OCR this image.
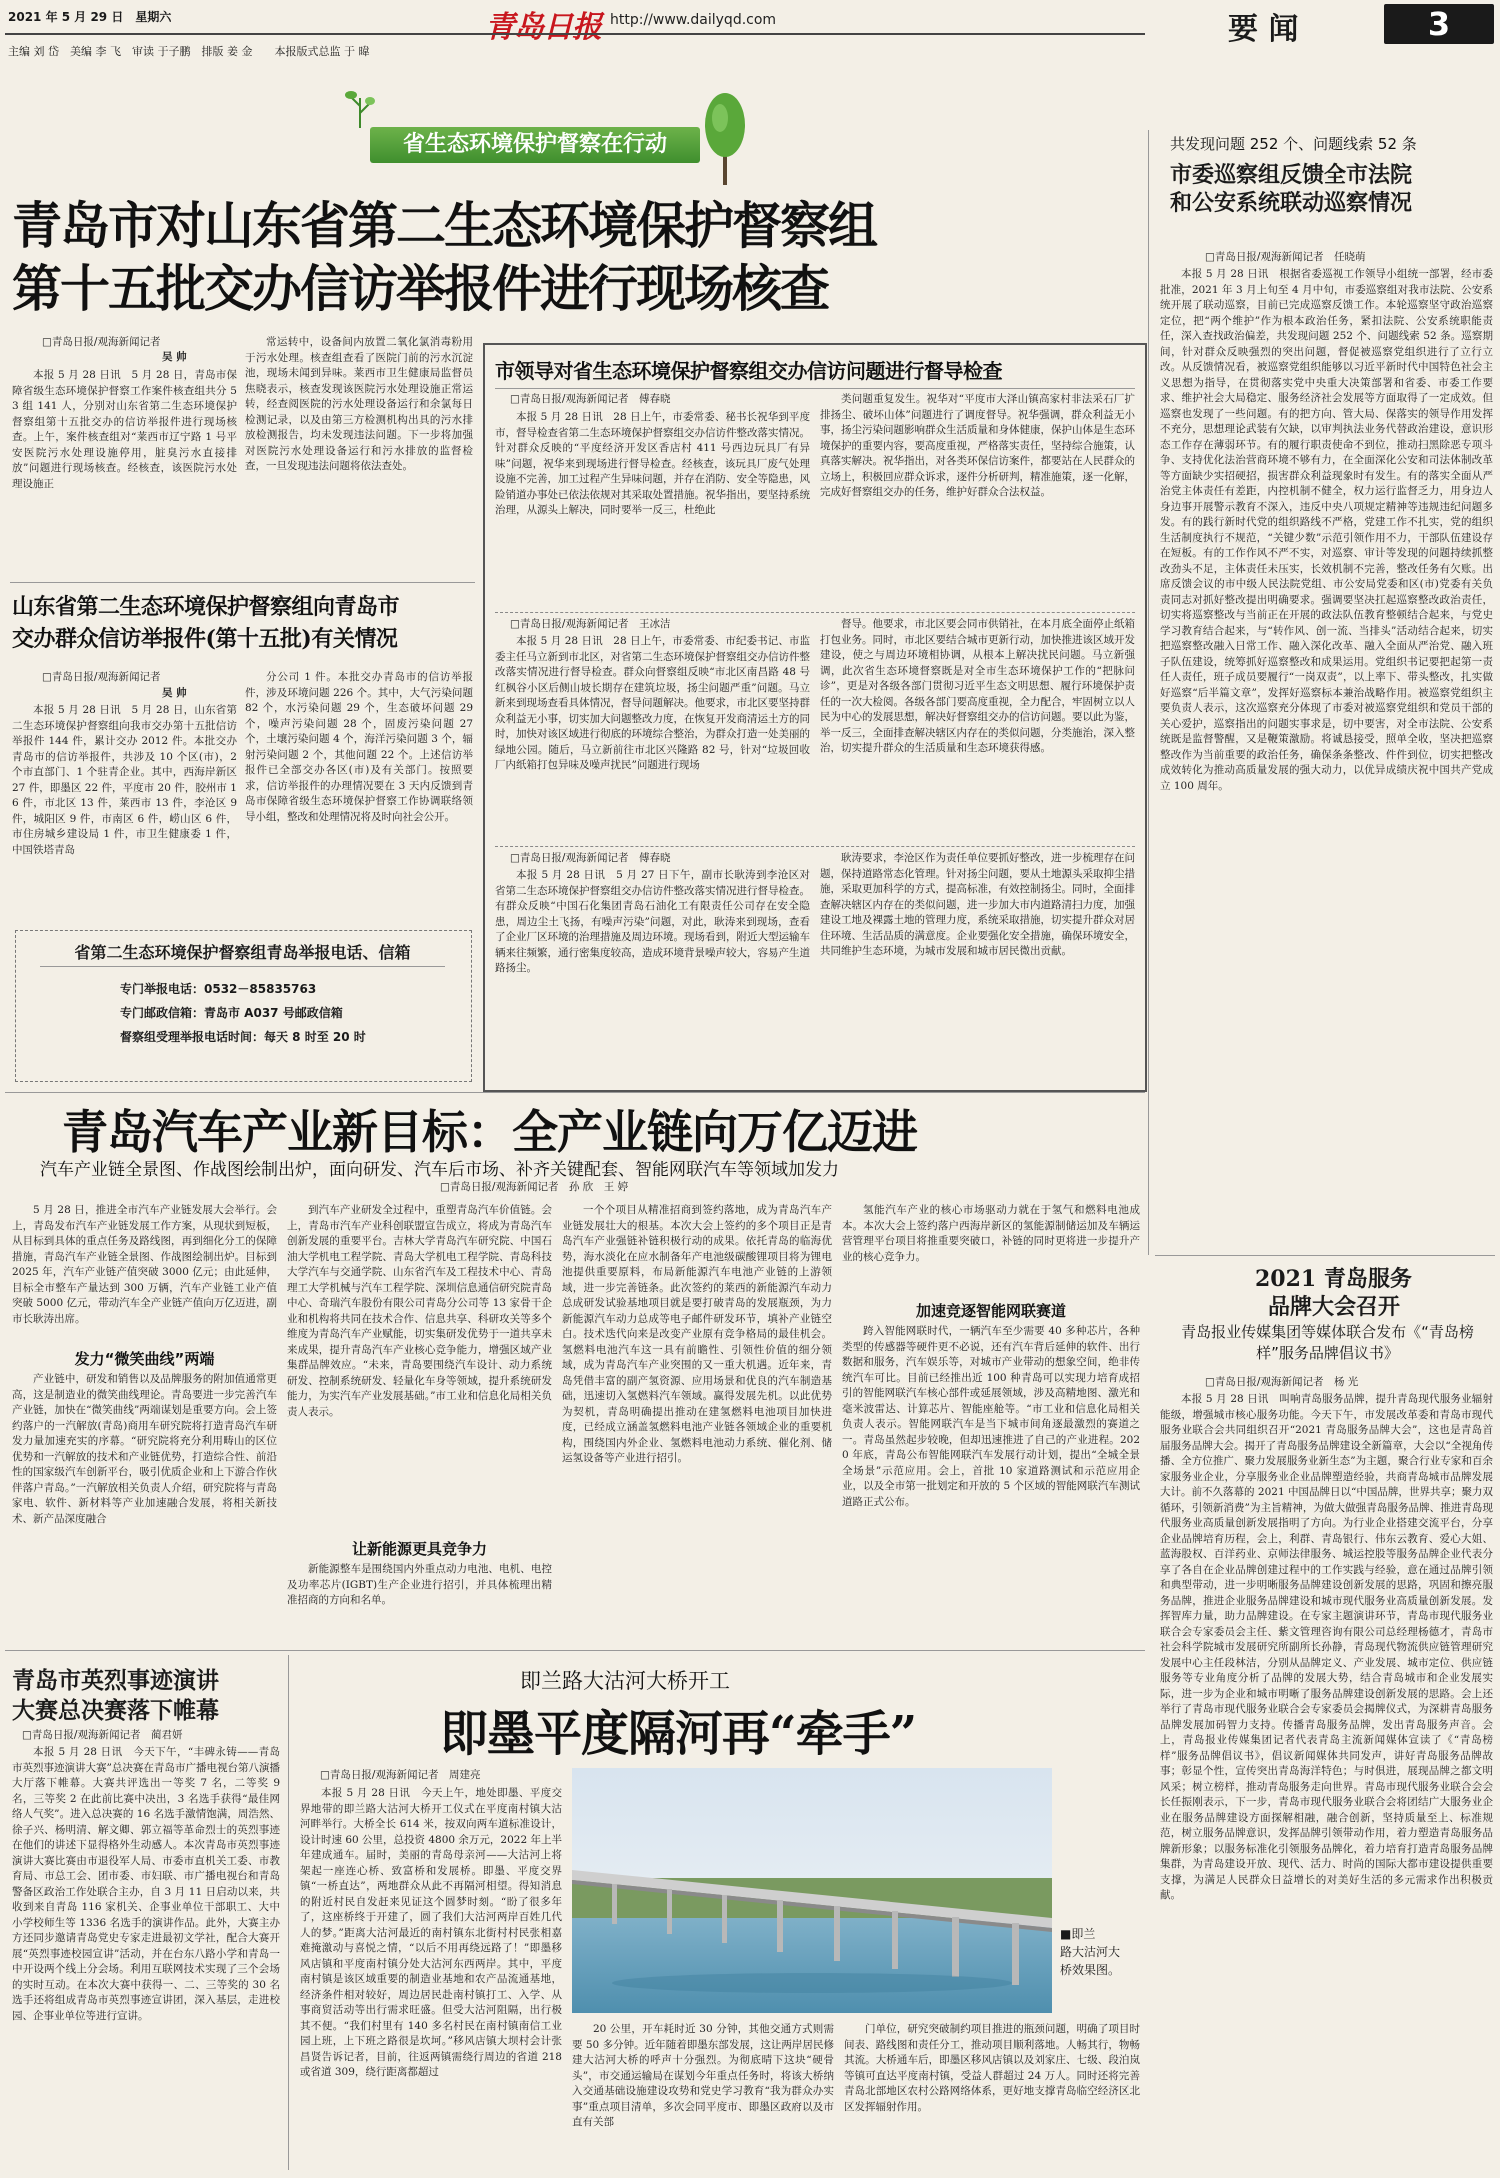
2021 年 5 月 29 日　星期六	青岛日报 http://www.dailyqd.com	要 闻	3
主编 刘 岱　美编 李 飞　审读 于子鹏　排版 姜 金　　本报版式总监 于 暐
省生态环境保护督察在行动
青岛市对山东省第二生态环境保护督察组
第十五批交办信访举报件进行现场核查
□青岛日报/观海新闻记者
吴 帅

本报 5 月 28 日讯　5 月 28 日，青岛市保障省级生态环境保护督察工作案件核查组共分 53 组 141 人，分别对山东省第二生态环境保护督察组第十五批交办的信访举报件进行现场核查。上午，案件核查组对“莱西市辽宁路 1 号平安医院污水处理设施停用，脏臭污水直接排放”问题进行现场核查。经核查，该医院污水处理设施正

常运转中，设备间内放置二氧化氯消毒粉用于污水处理。核查组查看了医院门前的污水沉淀池，现场未闻到异味。莱西市卫生健康局监督员焦晓表示，核查发现该医院污水处理设施正常运转，经查阅医院的污水处理设备运行和余氯每日检测记录，以及由第三方检测机构出具的污水排放检测报告，均未发现违法问题。下一步将加强对医院污水处理设备运行和污水排放的监督检查，一旦发现违法问题将依法查处。

市领导对省生态环境保护督察组交办信访问题进行督导检查
□青岛日报/观海新闻记者　傅春晓

本报 5 月 28 日讯　28 日上午，市委常委、秘书长祝华到平度市，督导检查省第二生态环境保护督察组交办信访件整改落实情况。针对群众反映的“平度经济开发区香店村 411 号西边玩具厂有异味”问题，祝华来到现场进行督导检查。经核查，该玩具厂废气处理设施不完善，加工过程产生异味问题，并存在消防、安全等隐患，风险销道办事处已依法依规对其采取处置措施。祝华指出，要坚持系统治理，从源头上解决，同时要举一反三，杜绝此

类问题重复发生。祝华对“平度市大泽山镇高家村非法采石厂扩排扬尘、破坏山体”问题进行了调度督导。祝华强调，群众利益无小事，扬尘污染问题影响群众生活质量和身体健康，保护山体是生态环境保护的重要内容，要高度重视，严格落实责任，坚持综合施策，认真落实解决。祝华指出，对各类环保信访案件，都要站在人民群众的立场上，积极回应群众诉求，逐件分析研判，精准施策，逐一化解，完成好督察组交办的任务，维护好群众合法权益。

□青岛日报/观海新闻记者　王冰洁

本报 5 月 28 日讯　28 日上午，市委常委、市纪委书记、市监委主任马立新到市北区，对省第二生态环境保护督察组交办信访件整改落实情况进行督导检查。群众向督察组反映“市北区南昌路 48 号红枫谷小区后侧山坡长期存在建筑垃圾，扬尘问题严重”问题。马立新来到现场查看具体情况，督导问题解决。他要求，市北区要坚持群众利益无小事，切实加大问题整改力度，在恢复开发商清运土方的同时，加快对该区域进行彻底的环境综合整治，为群众打造一处美丽的绿地公园。随后，马立新前往市北区兴隆路 82 号，针对“垃圾回收厂内纸箱打包异味及噪声扰民”问题进行现场

督导。他要求，市北区要会同市供销社，在本月底全面停止纸箱打包业务。同时，市北区要结合城市更新行动，加快推进该区域开发建设，使之与周边环境相协调，从根本上解决扰民问题。马立新强调，此次省生态环境督察既是对全市生态环境保护工作的“把脉问诊”，更是对各级各部门贯彻习近平生态文明思想、履行环境保护责任的一次大检阅。各级各部门要高度重视，全力配合，牢固树立以人民为中心的发展思想，解决好督察组交办的信访问题。要以此为鉴，举一反三，全面排查解决辖区内存在的类似问题，分类施治，深入整治，切实提升群众的生活质量和生态环境获得感。

□青岛日报/观海新闻记者　傅春晓

本报 5 月 28 日讯　5 月 27 日下午，副市长耿涛到李沧区对省第二生态环境保护督察组交办信访件整改落实情况进行督导检查。有群众反映“中国石化集团青岛石油化工有限责任公司存在安全隐患，周边尘土飞扬，有噪声污染”问题，对此，耿涛来到现场，查看了企业厂区环境的治理措施及周边环境。现场看到，附近大型运输车辆来往频繁，通行密集度较高，造成环境背景噪声较大，容易产生道路扬尘。

耿涛要求，李沧区作为责任单位要抓好整改，进一步梳理存在问题，保持道路常态化管理。针对扬尘问题，要从土地源头采取抑尘措施，采取更加科学的方式，提高标准，有效控制扬尘。同时，全面排查解决辖区内存在的类似问题，进一步加大市内道路清扫力度，加强建设工地及裸露土地的管理力度，系统采取措施，切实提升群众对居住环境、生活品质的满意度。企业要强化安全措施，确保环境安全，共同维护生态环境，为城市发展和城市居民微出贡献。

山东省第二生态环境保护督察组向青岛市
交办群众信访举报件(第十五批)有关情况
□青岛日报/观海新闻记者
吴 帅

本报 5 月 28 日讯　5 月 28 日，山东省第二生态环境保护督察组向我市交办第十五批信访举报件 144 件，累计交办 2012 件。本批交办青岛市的信访举报件，共涉及 10 个区(市)，2 个市直部门、1 个驻青企业。其中，西海岸新区 27 件，即墨区 22 件，平度市 20 件，胶州市 16 件，市北区 13 件，莱西市 13 件，李沧区 9 件，城阳区 9 件，市南区 6 件，崂山区 6 件，市住房城乡建设局 1 件，市卫生健康委 1 件，中国铁塔青岛

分公司 1 件。本批交办青岛市的信访举报件，涉及环境问题 226 个。其中，大气污染问题 82 个，水污染问题 29 个，生态破坏问题 29 个，噪声污染问题 28 个，固废污染问题 27 个，土壤污染问题 4 个，海洋污染问题 3 个，辐射污染问题 2 个，其他问题 22 个。上述信访举报件已全部交办各区(市)及有关部门。按照要求，信访举报件的办理情况要在 3 天内反馈到青岛市保障省级生态环境保护督察工作协调联络领导小组，整改和处理情况将及时向社会公开。

省第二生态环境保护督察组青岛举报电话、信箱
专门举报电话：0532－85835763
专门邮政信箱：青岛市 A037 号邮政信箱
督察组受理举报电话时间：每天 8 时至 20 时
共发现问题 252 个、问题线索 52 条
市委巡察组反馈全市法院
和公安系统联动巡察情况
□青岛日报/观海新闻记者　任晓萌

本报 5 月 28 日讯　根据省委巡视工作领导小组统一部署，经市委批准，2021 年 3 月上旬至 4 月中旬，市委巡察组对我市法院、公安系统开展了联动巡察，目前已完成巡察反馈工作。本轮巡察坚守政治巡察定位，把“两个维护”作为根本政治任务，紧扣法院、公安系统职能责任，深入查找政治偏差，共发现问题 252 个、问题线索 52 条。巡察期间，针对群众反映强烈的突出问题，督促被巡察党组织进行了立行立改。从反馈情况看，被巡察党组织能够以习近平新时代中国特色社会主义思想为指导，在贯彻落实党中央重大决策部署和省委、市委工作要求、维护社会大局稳定、服务经济社会发展等方面取得了一定成效。但巡察也发现了一些问题。有的把方向、管大局、保落实的领导作用发挥不充分，思想理论武装有欠缺，以审判执法业务代替政治建设，意识形态工作存在薄弱环节。有的履行职责使命不到位，推动扫黑除恶专项斗争、支持优化法治营商环境不够有力，在全面深化公安和司法体制改革等方面缺少实招硬招，损害群众利益现象时有发生。有的落实全面从严治党主体责任有差距，内控机制不健全，权力运行监督乏力，用身边人身边事开展警示教育不深入，违反中央八项规定精神等违规违纪问题多发。有的践行新时代党的组织路线不严格，党建工作不扎实，党的组织生活制度执行不规范，“关键少数”示范引领作用不力，干部队伍建设存在短板。有的工作作风不严不实，对巡察、审计等发现的问题持续抓整改劲头不足，主体责任未压实，长效机制不完善，整改任务有欠账。出席反馈会议的市中级人民法院党组、市公安局党委和区(市)党委有关负责同志对抓好整改提出明确要求。强调要坚决扛起巡察整改政治责任，切实将巡察整改与当前正在开展的政法队伍教育整顿结合起来，与党史学习教育结合起来，与“转作风、创一流、当排头”活动结合起来，切实把巡察整改融入日常工作、融入深化改革、融入全面从严治党、融入班子队伍建设，统筹抓好巡察整改和成果运用。党组织书记要把起第一责任人责任，班子成员要履行“一岗双责”，以上率下、带头整改，扎实做好巡察“后半篇文章”，发挥好巡察标本兼治战略作用。被巡察党组织主要负责人表示，这次巡察充分体现了市委对被巡察党组织和党员干部的关心爱护，巡察指出的问题实事求是，切中要害，对全市法院、公安系统既是监督警醒，又是鞭策激励。将诚恳接受，照单全收，坚决把巡察整改作为当前重要的政治任务，确保条条整改、件件到位，切实把整改成效转化为推动高质量发展的强大动力，以优异成绩庆祝中国共产党成立 100 周年。

青岛汽车产业新目标：全产业链向万亿迈进
汽车产业链全景图、作战图绘制出炉，面向研发、汽车后市场、补齐关键配套、智能网联汽车等领域加发力
□青岛日报/观海新闻记者　孙 欣　王 婷

5 月 28 日，推进全市汽车产业链发展大会举行。会上，青岛发布汽车产业链发展工作方案，从现状到短板，从目标到具体的重点任务及路线图，再到细化分工的保障措施，青岛汽车产业链全景图、作战图绘制出炉。目标到 2025 年，汽车产业链产值突破 3000 亿元；由此延伸，目标全市整车产量达到 300 万辆，汽车产业链工业产值突破 5000 亿元，带动汽车全产业链产值向万亿迈进，副市长耿涛出席。

发力“微笑曲线”两端

产业链中，研发和销售以及品牌服务的附加值通常更高，这是制造业的微笑曲线理论。青岛要进一步完善汽车产业链，加快在“微笑曲线”两端谋划是重要方向。会上签约落户的一汽解放(青岛)商用车研究院将打造青岛汽车研发力量加速充实的序幕。“研究院将充分利用畴山的区位优势和一汽解放的技术和产业链优势，打造综合性、前沿性的国家级汽车创新平台，吸引优质企业和上下游合作伙伴落户青岛。”一汽解放相关负责人介绍，研究院将与青岛家电、软件、新材料等产业加速融合发展，将相关新技术、新产品深度融合

到汽车产业研发全过程中，重塑青岛汽车价值链。会上，青岛市汽车产业科创联盟宣告成立，将成为青岛汽车创新发展的重要平台。吉林大学青岛汽车研究院、中国石油大学机电工程学院、青岛大学机电工程学院、青岛科技大学汽车与交通学院、山东省汽车及工程技术中心、青岛理工大学机械与汽车工程学院、深圳信息通信研究院青岛中心、奇瑞汽车股份有限公司青岛分公司等 13 家骨干企业和机构将共同在技术合作、信息共享、科研攻关等多个维度为青岛汽车产业赋能，切实集研发优势于一道共享未来成果，提升青岛汽车产业核心竞争能力，增强区域产业集群品牌效应。“未来，青岛要围绕汽车设计、动力系统研发、控制系统研发、轻量化车身等领域，提升系统研发能力，为实汽车产业发展基础。”市工业和信息化局相关负责人表示。

让新能源更具竞争力

新能源整车是围绕国内外重点动力电池、电机、电控及功率芯片(IGBT)生产企业进行招引，并具体梳理出精准招商的方向和名单。

一个个项目从精准招商到签约落地，成为青岛汽车产业链发展壮大的根基。本次大会上签约的多个项目正是青岛汽车产业强链补链积极行动的成果。依托青岛的临海优势，海水淡化在应水制备年产电池级碳酸锂项目将为锂电池提供重要原料，布局新能源汽车电池产业链的上游领域，进一步完善链条。此次签约的莱西的新能源汽车动力总成研发试验基地项目就是要打破青岛的发展瓶颈，为力新能源汽车动力总成等电子邮件研发环节，填补产业链空白。技术迭代向来是改变产业原有竞争格局的最佳机会。氢燃料电池汽车这一具有前瞻性、引领性价值的细分领域，成为青岛汽车产业突围的又一重大机遇。近年来，青岛凭借丰富的副产氢资源、应用场景和优良的汽车制造基础，迅速切入氢燃料汽车领域。赢得发展先机。以此优势为契机，青岛明确提出推动在建氢燃料电池项目加快进度，已经成立涵盖氢燃料电池产业链各领域企业的重要机构，围绕国内外企业、氢燃料电池动力系统、催化剂、储运氢设备等产业进行招引。

氢能汽车产业的核心市场驱动力就在于氢气和燃料电池成本。本次大会上签约落户西海岸新区的氢能源制储运加及车辆运营管理平台项目将推重要突破口，补链的同时更将进一步提升产业的核心竞争力。

加速竞逐智能网联赛道

跨入智能网联时代，一辆汽车至少需要 40 多种芯片，各种类型的传感器等硬件更不必说，还有汽车背后延伸的软件、出行数据和服务，汽车娱乐等，对城市产业带动的想象空间，绝非传统汽车可比。目前已经推出近 100 种青岛可以实现力培育成招引的智能网联汽车核心部件或延展领域，涉及高精地图、激光和毫米波雷达、计算芯片、智能座舱等。“市工业和信息化局相关负责人表示。智能网联汽车是当下城市间角逐最激烈的赛道之一。青岛虽然起步较晚，但却迅速推进了自己的产业进程。2020 年底，青岛公布智能网联汽车发展行动计划，提出“全城全景全场景”示范应用。会上，首批 10 家道路测试和示范应用企业，以及全市第一批划定和开放的 5 个区域的智能网联汽车测试道路正式公布。

2021 青岛服务
品牌大会召开
青岛报业传媒集团等媒体联合发布《“青岛榜样”服务品牌倡议书》
□青岛日报/观海新闻记者　杨 光

本报 5 月 28 日讯　叫响青岛服务品牌，提升青岛现代服务业辐射能级，增强城市核心服务功能。今天下午，市发展改革委和青岛市现代服务业联合会共同组织召开“2021 青岛服务品牌大会”，这也是青岛首届服务品牌大会。揭开了青岛服务品牌建设全新篇章，大会以“全视角传播、全方位推广、聚力发展服务业新生态”为主题，聚合行业专家和百余家服务业企业，分享服务业企业品牌塑造经验，共商青岛城市品牌发展大计。前不久落幕的 2021 中国品牌日以“中国品牌，世界共享；聚力双循环，引领新消费”为主旨精神，为做大做强青岛服务品牌、推进青岛现代服务业高质量创新发展指明了方向。为行业企业搭建交流平台，分享企业品牌培育历程，会上，利群、青岛银行、伟东云教育、爱心大姐、蓝海股权、百洋药业、京师法律服务、城运控股等服务品牌企业代表分享了各自在企业品牌创建过程中的工作实践与经验，意在通过品牌引领和典型带动，进一步明晰服务品牌建设创新发展的思路，巩固和擦亮服务品牌，推进企业服务品牌建设和城市现代服务业高质量创新发展。发挥智库力量，助力品牌建设。在专家主题演讲环节，青岛市现代服务业联合会专家委员会主任、紫文管理咨询有限公司总经理杨德才，青岛市社会科学院城市发展研究所副所长孙静，青岛现代物流供应链管理研究发展中心主任段林洁，分别从品牌定义、产业发展、城市定位、供应链服务等专业角度分析了品牌的发展大势，结合青岛城市和企业发展实际，进一步为企业和城市明晰了服务品牌建设创新发展的思路。会上还举行了青岛市现代服务业联合会专家委员会揭牌仪式，为深耕青岛服务品牌发展加码智力支持。传播青岛服务品牌，发出青岛服务声音。会上，青岛报业传媒集团记者代表青岛主流新闻媒体宣读了《“青岛榜样”服务品牌倡议书》，倡议新闻媒体共同发声，讲好青岛服务品牌故事；彰显个性，宣传突出青岛海洋特色；与时俱进，展现品牌之都文明风采；树立榜样，推动青岛服务走向世界。青岛市现代服务业联合会会长任振刚表示，下一步，青岛市现代服务业联合会将团结广大服务业企业在服务品牌建设方面探解相融，融合创新，坚持质量至上、标准规范，树立服务品牌意识，发挥品牌引领带动作用，着力塑造青岛服务品牌新形象；以服务标准化引领服务品牌化，着力培育打造青岛服务品牌集群，为青岛建设开放、现代、活力、时尚的国际大都市建设提供重要支撑，为满足人民群众日益增长的对美好生活的多元需求作出积极贡献。

青岛市英烈事迹演讲
大赛总决赛落下帷幕
□青岛日报/观海新闻记者　蔺君妍

本报 5 月 28 日讯　今天下午，“丰碑永铸——青岛市英烈事迹演讲大赛”总决赛在青岛市广播电视台第八演播大厅落下帷幕。大赛共评选出一等奖 7 名，二等奖 9 名，三等奖 2 在此前比赛中决出，3 名选手获得“最佳网络人气奖”。进入总决赛的 16 名选手激情饱满，周浩然、徐子兴、杨明清、解文卿、郭立福等革命烈士的英烈事迹在他们的讲述下显得格外生动感人。本次青岛市英烈事迹演讲大赛比赛由市退役军人局、市委市直机关工委、市教育局、市总工会、团市委、市妇联、市广播电视台和青岛警备区政治工作处联合主办，自 3 月 11 日启动以来，共收到来自青岛 116 家机关、企事业单位干部职工、大中小学校师生等 1336 名选手的演讲作品。此外，大赛主办方还同步邀请青岛党史专家走进最初文学社，配合大赛开展“英烈事迹校园宣讲”活动，并在台东八路小学和青岛一中开设两个线上分会场。利用互联网技术实现了三个会场的实时互动。在本次大赛中获得一、二、三等奖的 30 名选手还将组成青岛市英烈事迹宣讲团，深入基层，走进校园、企事业单位等进行宣讲。

即兰路大沽河大桥开工
即墨平度隔河再“牵手”
□青岛日报/观海新闻记者　周建亮

本报 5 月 28 日讯　今天上午，地处即墨、平度交界地带的即兰路大沽河大桥开工仪式在平度南村镇大沽河畔举行。大桥全长 614 米，按双向两车道标准设计，设计时速 60 公里，总投资 4800 余万元，2022 年上半年建成通车。届时，美丽的青岛母亲河——大沽河上将架起一座连心桥、致富桥和发展桥。即墨、平度交界镇“一桥直达”，两地群众从此不再隔河相望。得知消息的附近村民自发赶来见证这个圆梦时刻。“盼了很多年了，这座桥终于开建了，圆了我们大沽河两岸百姓几代人的梦。”距离大沽河最近的南村镇东北街村村民张相嘉难掩激动与喜悦之情，“以后不用再绕远路了！”即墨移风店镇和平度南村镇分处大沽河东西两岸。其中，平度南村镇是该区域重要的制造业基地和农产品流通基地，经济条件相对较好，周边居民赴南村镇打工、入学、从事商贸活动等出行需求旺盛。但受大沽河阻隔，出行极其不便。“我们村里有 140 多名村民在南村镇南信工业园上班，上下班之路很是坎坷。”移风店镇大坝村会计张昌贤告诉记者，目前，往返两镇需绕行周边的省道 218 或省道 309，绕行距离都超过

■即兰
路大沽河大
桥效果图。

20 公里，开车耗时近 30 分钟，其他交通方式则需要 50 多分钟。近年随着即墨东部发展，这让两岸居民修建大沽河大桥的呼声十分强烈。为彻底晴下这块“硬骨头”，市交通运输局在谋划今年重点任务时，将该大桥纳入交通基础设施建设攻势和党史学习教育“我为群众办实事”重点项目清单，多次会同平度市、即墨区政府以及市直有关部

门单位，研究突破制约项目推进的瓶颈问题，明确了项目时间表、路线图和责任分工，推动项目顺利落地。人畅其行，物畅其流。大桥通车后，即墨区移风店镇以及刘家庄、七级、段泊岚等镇可直达平度南村镇，受益人群超过 24 万人。同时还将完善青岛北部地区农村公路网络体系，更好地支撑青岛临空经济区北区发挥辐射作用。
